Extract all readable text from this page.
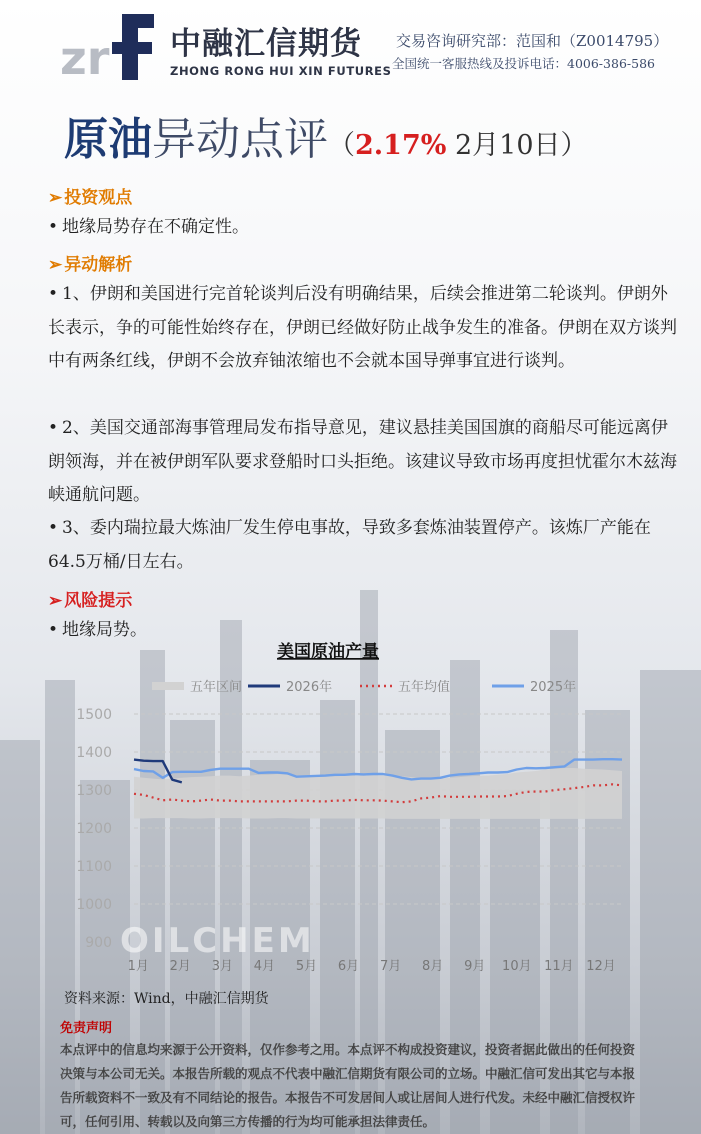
zr 中融汇信期货
ZHONG RONG HUI XIN FUTURES
交易咨询研究部：范国和（Z0014795）
全国统一客服热线及投诉电话：4006-386-586
原油异动点评（2.17% 2月10日）
➢ 投资观点
• 地缘局势存在不确定性。
➢ 异动解析
• 1、伊朗和美国进行完首轮谈判后没有明确结果，后续会推进第二轮谈判。伊朗外长表示，争的可能性始终存在，伊朗已经做好防止战争发生的准备。伊朗在双方谈判中有两条红线，伊朗不会放弃铀浓缩也不会就本国导弹事宜进行谈判。
• 2、美国交通部海事管理局发布指导意见，建议悬挂美国国旗的商船尽可能远离伊朗领海，并在被伊朗军队要求登船时口头拒绝。该建议导致市场再度担忧霍尔木兹海峡通航问题。
• 3、委内瑞拉最大炼油厂发生停电事故，导致多套炼油装置停产。该炼厂产能在64.5万桶/日左右。
➢ 风险提示
• 地缘局势。
美国原油产量
五年区间	2026年	五年均值	2025年
1500
1400
1300
1200
1100
1000
900 OILCHEM
1月 2月 3月 4月 5月 6月 7月 8月 9月 10月 11月 12月
资料来源：Wind，中融汇信期货
免责声明
本点评中的信息均来源于公开资料，仅作参考之用。本点评不构成投资建议，投资者据此做出的任何投资决策与本公司无关。本报告所载的观点不代表中融汇信期货有限公司的立场。中融汇信可发出其它与本报告所载资料不一致及有不同结论的报告。本报告不可发居间人或让居间人进行代发。未经中融汇信授权许可，任何引用、转载以及向第三方传播的行为均可能承担法律责任。
